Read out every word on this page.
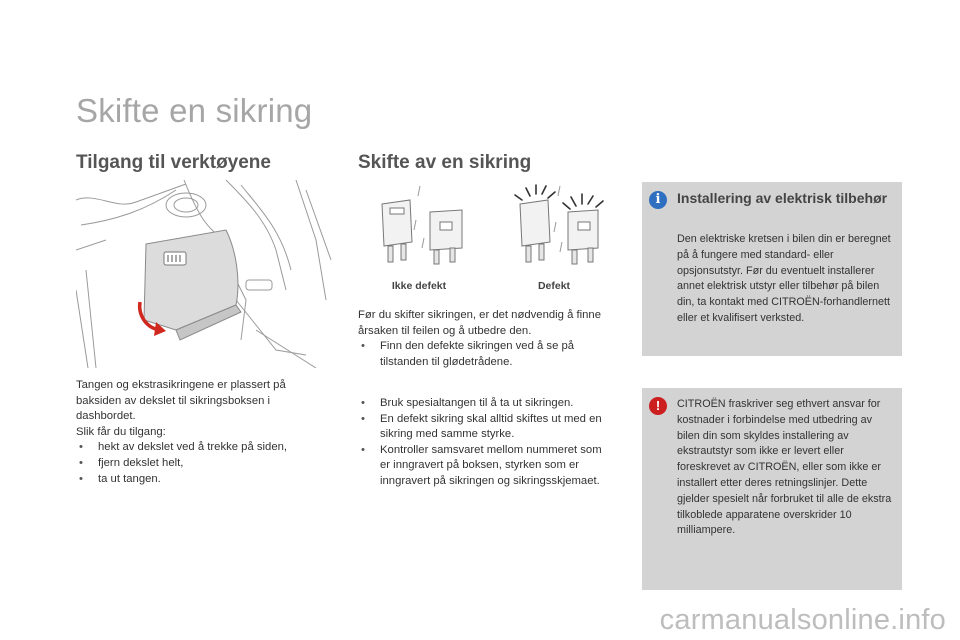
Skifte en sikring
Tilgang til verktøyene	Skifte av en sikring

Tangen og ekstrasikringene er plassert på baksiden av dekslet til sikringsboksen i dashbordet.

Slik får du tilgang:

• hekt av dekslet ved å trekke på siden,
• fjern dekslet helt,
• ta ut tangen.
Ikke defekt	Defekt

Før du skifter sikringen, er det nødvendig å finne årsaken til feilen og å utbedre den.

• Finn den defekte sikringen ved å se på tilstanden til glødetrådene.
• Bruk spesialtangen til å ta ut sikringen.
• En defekt sikring skal alltid skiftes ut med en sikring med samme styrke.
• Kontroller samsvaret mellom nummeret som er inngravert på boksen, styrken som er inngravert på sikringen og sikringsskjemaet.
i	Installering av elektrisk tilbehør

Den elektriske kretsen i bilen din er beregnet på å fungere med standard- eller opsjonsutstyr. Før du eventuelt installerer annet elektrisk utstyr eller tilbehør på bilen din, ta kontakt med CITROËN-forhandlernett eller et kvalifisert verksted.

!	CITROËN fraskriver seg ethvert ansvar for kostnader i forbindelse med utbedring av bilen din som skyldes installering av ekstrautstyr som ikke er levert eller foreskrevet av CITROËN, eller som ikke er installert etter deres retningslinjer. Dette gjelder spesielt når forbruket til alle de ekstra tilkoblede apparatene overskrider 10 milliampere.

carmanualsonline.info
